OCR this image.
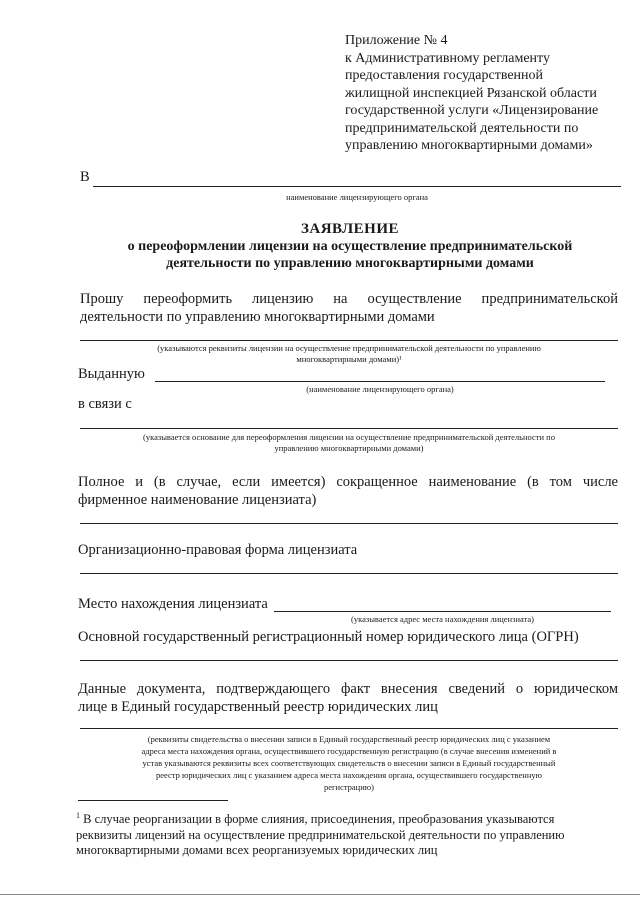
Приложение № 4
к Административному регламенту
предоставления государственной
жилищной инспекцией Рязанской области
государственной услуги «Лицензирование
предпринимательской деятельности по
управлению многоквартирными домами»
В
наименование лицензирующего органа
ЗАЯВЛЕНИЕ
о переоформлении лицензии на осуществление предпринимательской
деятельности по управлению многоквартирными домами
Прошу переоформить лицензию на осуществление предпринимательской
деятельности по управлению многоквартирными домами
(указываются реквизиты лицензии на осуществление предпринимательской деятельности по управлению
многоквартирными домами)¹
Выданную
(наименование лицензирующего органа)
в связи с
(указывается основание для переоформления лицензии на осуществление предпринимательской деятельности по
управлению многоквартирными домами)
Полное и (в случае, если имеется) сокращенное наименование (в том числе
фирменное наименование лицензиата)
Организационно-правовая форма лицензиата
Место нахождения лицензиата
(указывается адрес места нахождения лицензиата)
Основной государственный регистрационный номер юридического лица (ОГРН)
Данные документа, подтверждающего факт внесения сведений о юридическом
лице в Единый государственный реестр юридических лиц
(реквизиты свидетельства о внесении записи в Единый государственный реестр юридических лиц с указанием
адреса места нахождения органа, осуществившего государственную регистрацию (в случае внесения изменений в
устав указываются реквизиты всех соответствующих свидетельств о внесении записи в Единый государственный
реестр юридических лиц с указанием адреса места нахождения органа, осуществившего государственную
регистрацию)
$^1$ В случае реорганизации в форме слияния, присоединения, преобразования указываются
реквизиты лицензий на осуществление предпринимательской деятельности по управлению
многоквартирными домами всех реорганизуемых юридических лиц
